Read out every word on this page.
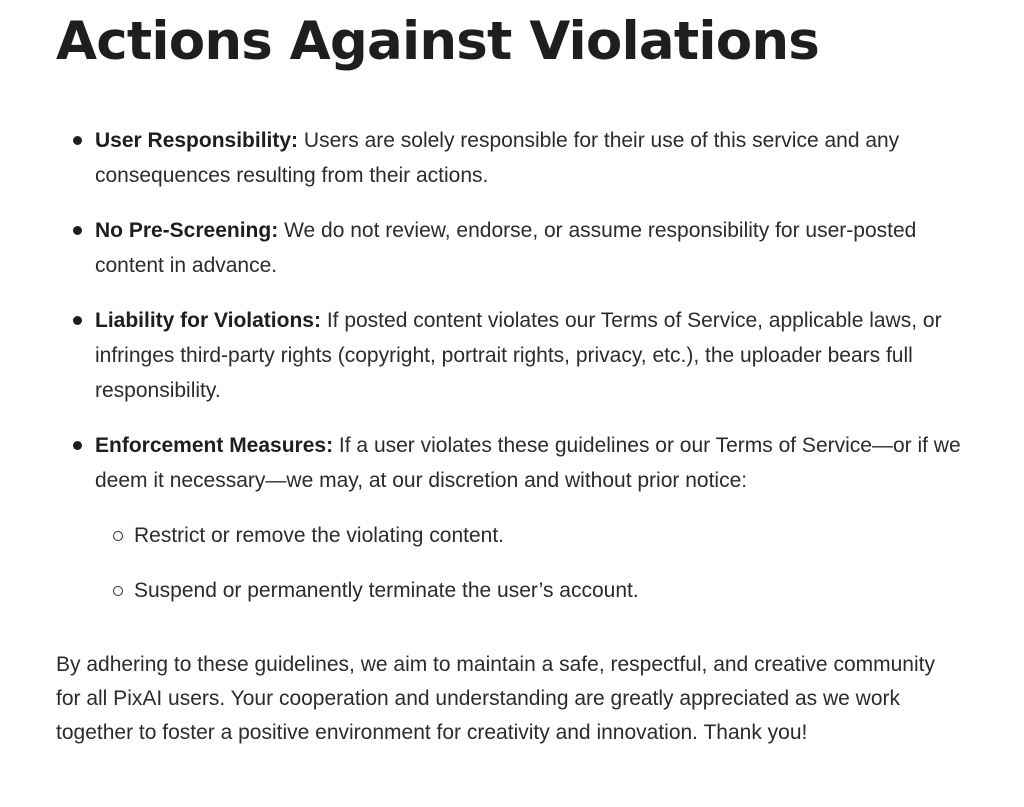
Actions Against Violations
User Responsibility: Users are solely responsible for their use of this service and any consequences resulting from their actions.
No Pre-Screening: We do not review, endorse, or assume responsibility for user-posted content in advance.
Liability for Violations: If posted content violates our Terms of Service, applicable laws, or infringes third-party rights (copyright, portrait rights, privacy, etc.), the uploader bears full responsibility.
Enforcement Measures: If a user violates these guidelines or our Terms of Service—or if we deem it necessary—we may, at our discretion and without prior notice:
Restrict or remove the violating content.
Suspend or permanently terminate the user’s account.

By adhering to these guidelines, we aim to maintain a safe, respectful, and creative community for all PixAI users. Your cooperation and understanding are greatly appreciated as we work together to foster a positive environment for creativity and innovation. Thank you!
